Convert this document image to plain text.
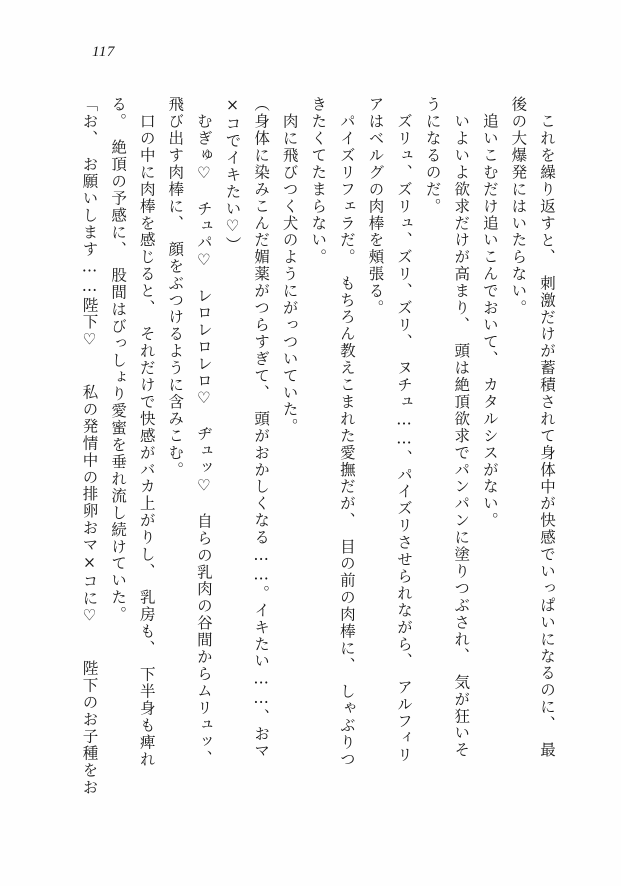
117
これを繰り返すと、　刺激だけが蓄積されて身体中が快感でいっぱいになるのに、　最
後の大爆発にはいたらない。
　追いこむだけ追いこんでおいて、　カタルシスがない。
　いよいよ欲求だけが高まり、　頭は絶頂欲求でパンパンに塗りつぶされ、　気が狂いそ
うになるのだ。
　ズリュ、ズリュ、ズリ、ズリ、　ヌチュ……、パイズリさせられながら、　アルフィリ
アはベルグの肉棒を頰張る。
　パイズリフェラだ。　もちろん教えこまれた愛撫だが、　目の前の肉棒に、　しゃぶりつ
きたくてたまらない。
　肉に飛びつく犬のようにがっついていた。
（身体に染みこんだ媚薬がつらすぎて、　頭がおかしくなる……。イキたい……、おマ
×コでイキたい♡）
　むぎゅ♡　チュパ♡　レロレロレロ♡　ヂュッ♡　自らの乳肉の谷間からムリュッ、
飛び出す肉棒に、　顔をぶつけるように含みこむ。
　口の中に肉棒を感じると、　それだけで快感がバカ上がりし、　乳房も、　下半身も痺れ
る。　絶頂の予感に、　股間はびっしょり愛蜜を垂れ流し続けていた。
「お、　お願いします……陛下♡　　私の発情中の排卵おマ×コに♡　　陛下のお子種をお
